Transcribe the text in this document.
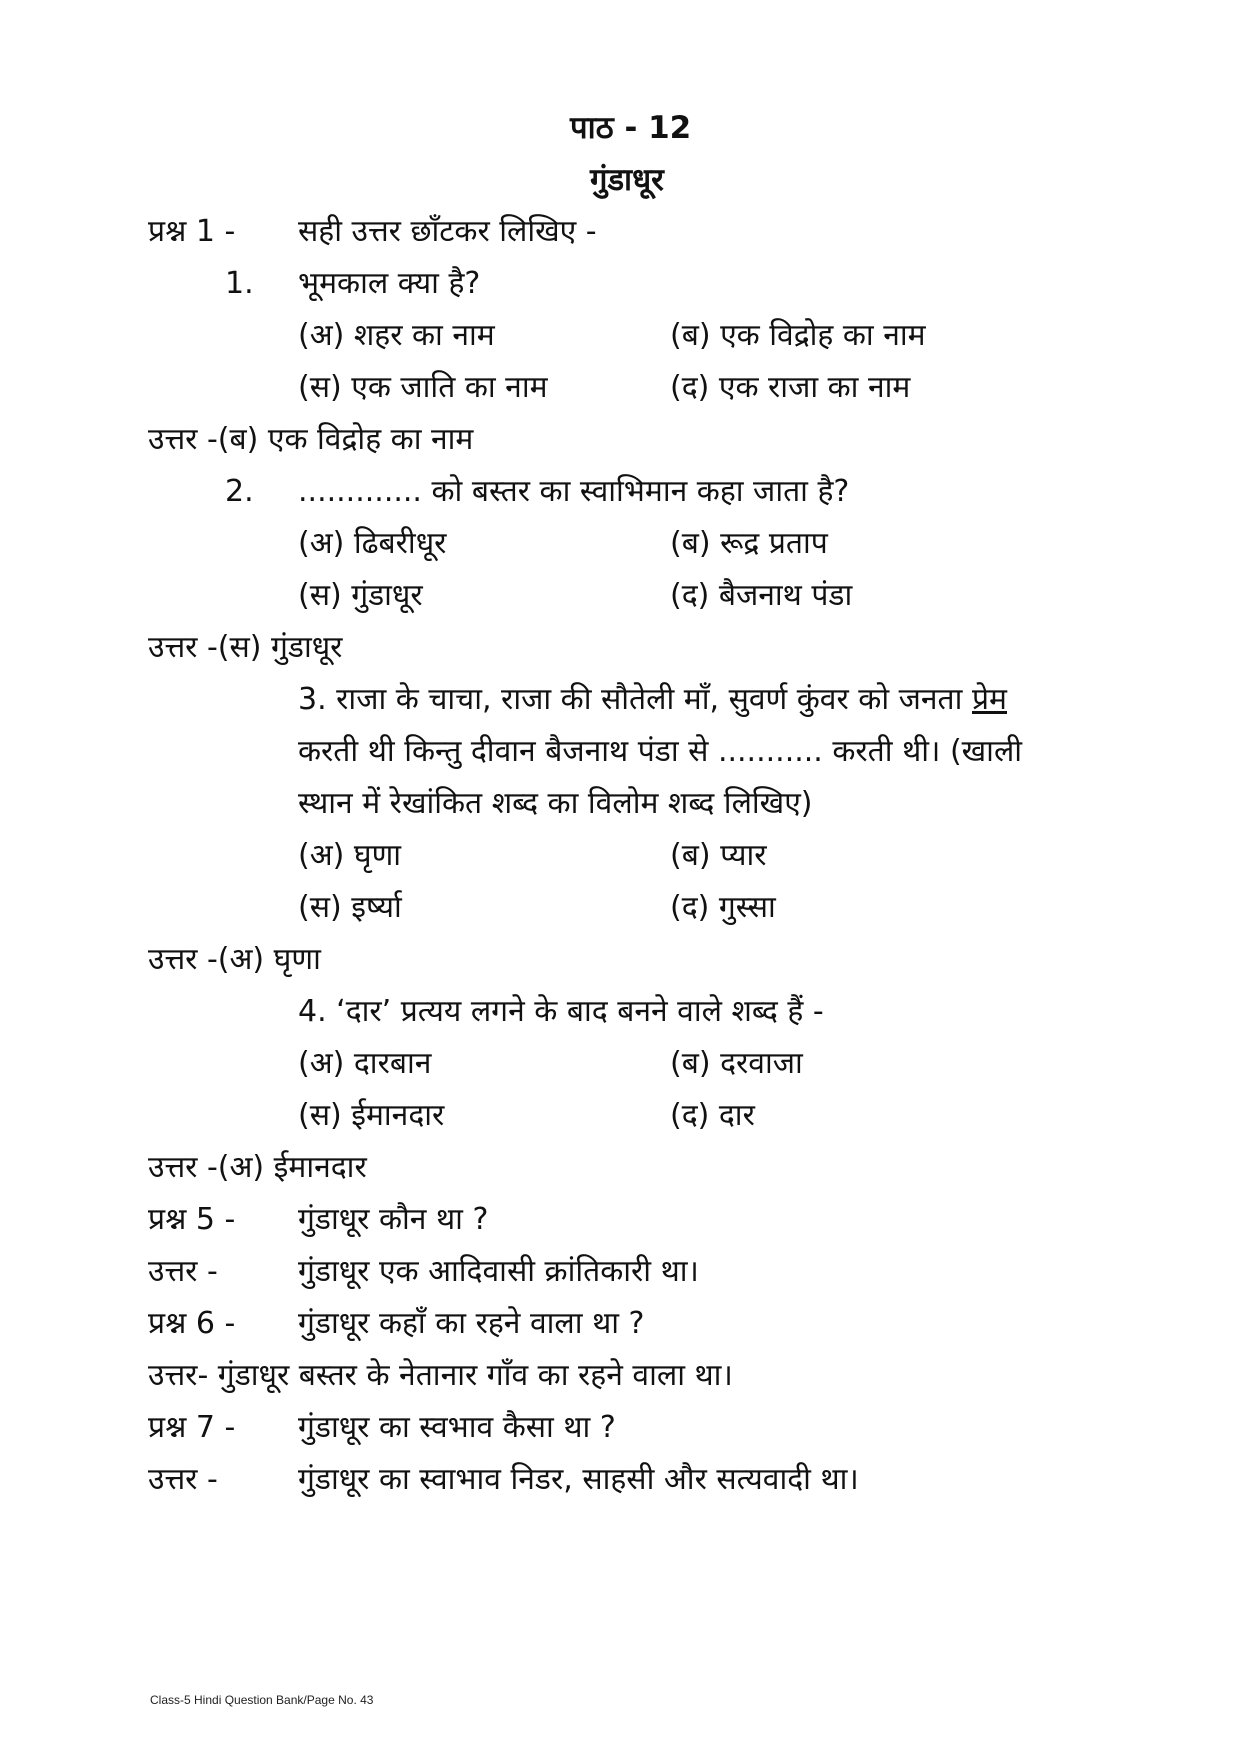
पाठ - 12
गुंडाधूर
प्रश्न 1 - सही उत्तर छाँटकर लिखिए -
1. भूमकाल क्या है?
(अ) शहर का नाम	(ब) एक विद्रोह का नाम
(स) एक जाति का नाम	(द) एक राजा का नाम
उत्तर -(ब) एक विद्रोह का नाम
2. ............. को बस्तर का स्वाभिमान कहा जाता है?
(अ) ढिबरीधूर	(ब) रूद्र प्रताप
(स) गुंडाधूर	(द) बैजनाथ पंडा
उत्तर -(स) गुंडाधूर
3. राजा के चाचा, राजा की सौतेली माँ, सुवर्ण कुंवर को जनता प्रेम
करती थी किन्तु दीवान बैजनाथ पंडा से ........... करती थी। (खाली
स्थान में रेखांकित शब्द का विलोम शब्द लिखिए)
(अ) घृणा	(ब) प्यार
(स) इर्ष्या	(द) गुस्सा
उत्तर -(अ) घृणा
4. ‘दार’ प्रत्यय लगने के बाद बनने वाले शब्द हैं -
(अ) दारबान	(ब) दरवाजा
(स) ईमानदार	(द) दार
उत्तर -(अ) ईमानदार
प्रश्न 5 - गुंडाधूर कौन था ?
उत्तर -	गुंडाधूर एक आदिवासी क्रांतिकारी था।
प्रश्न 6 - गुंडाधूर कहाँ का रहने वाला था ?
उत्तर- गुंडाधूर बस्तर के नेतानार गाँव का रहने वाला था।
प्रश्न 7 - गुंडाधूर का स्वभाव कैसा था ?
उत्तर -	गुंडाधूर का स्वाभाव निडर, साहसी और सत्यवादी था।
Class-5 Hindi Question Bank/Page No. 43
